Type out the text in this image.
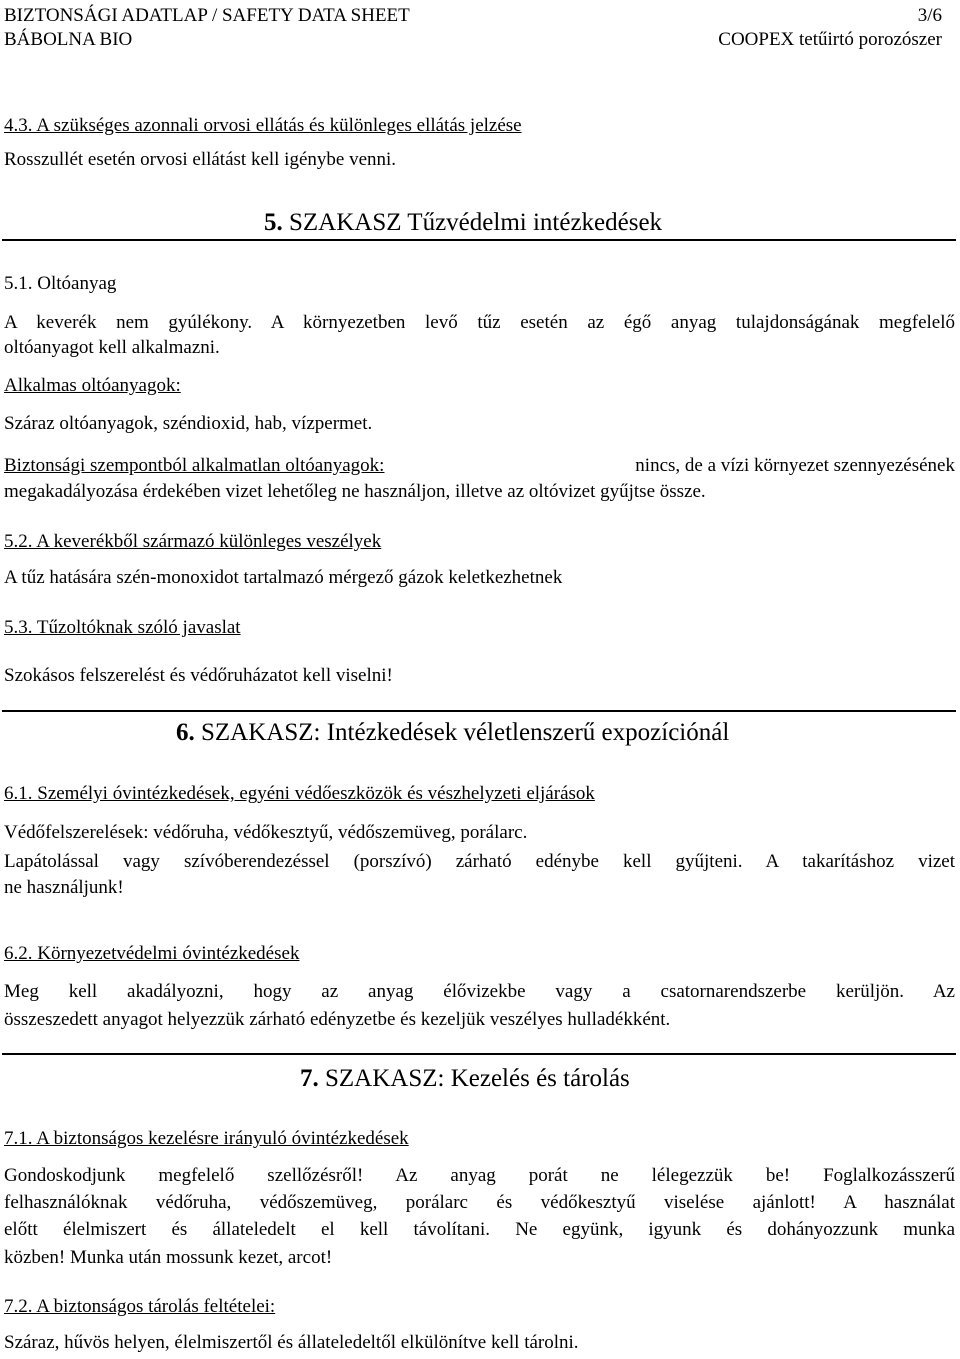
BIZTONSÁGI ADATLAP / SAFETY DATA SHEET	3/6
BÁBOLNA BIO	COOPEX tetűirtó porozószer
4.3. A szükséges azonnali orvosi ellátás és különleges ellátás jelzése
Rosszullét esetén orvosi ellátást kell igénybe venni.
5. SZAKASZ Tűzvédelmi intézkedések
5.1. Oltóanyag
A keverék nem gyúlékony. A környezetben levő tűz esetén az égő anyag tulajdonságának megfelelő
oltóanyagot kell alkalmazni.
Alkalmas oltóanyagok:
Száraz oltóanyagok, széndioxid, hab, vízpermet.
Biztonsági szempontból alkalmatlan oltóanyagok:	nincs, de a vízi környezet szennyezésének
megakadályozása érdekében vizet lehetőleg ne használjon, illetve az oltóvizet gyűjtse össze.
5.2. A keverékből származó különleges veszélyek
A tűz hatására szén-monoxidot tartalmazó mérgező gázok keletkezhetnek
5.3. Tűzoltóknak szóló javaslat
Szokásos felszerelést és védőruházatot kell viselni!
6. SZAKASZ: Intézkedések véletlenszerű expozíciónál
6.1. Személyi óvintézkedések, egyéni védőeszközök és vészhelyzeti eljárások
Védőfelszerelések: védőruha, védőkesztyű, védőszemüveg, porálarc.
Lapátolással vagy szívóberendezéssel (porszívó) zárható edénybe kell gyűjteni. A takarításhoz vizet
ne használjunk!
6.2. Környezetvédelmi óvintézkedések
Meg kell akadályozni, hogy az anyag élővizekbe vagy a csatornarendszerbe kerüljön. Az
összeszedett anyagot helyezzük zárható edényzetbe és kezeljük veszélyes hulladékként.
7. SZAKASZ: Kezelés és tárolás
7.1. A biztonságos kezelésre irányuló óvintézkedések
Gondoskodjunk megfelelő szellőzésről! Az anyag porát ne lélegezzük be! Foglalkozásszerű
felhasználóknak védőruha, védőszemüveg, porálarc és védőkesztyű viselése ajánlott! A használat
előtt élelmiszert és állateledelt el kell távolítani. Ne együnk, igyunk és dohányozzunk munka
közben! Munka után mossunk kezet, arcot!
7.2. A biztonságos tárolás feltételei:
Száraz, hűvös helyen, élelmiszertől és állateledeltől elkülönítve kell tárolni.
